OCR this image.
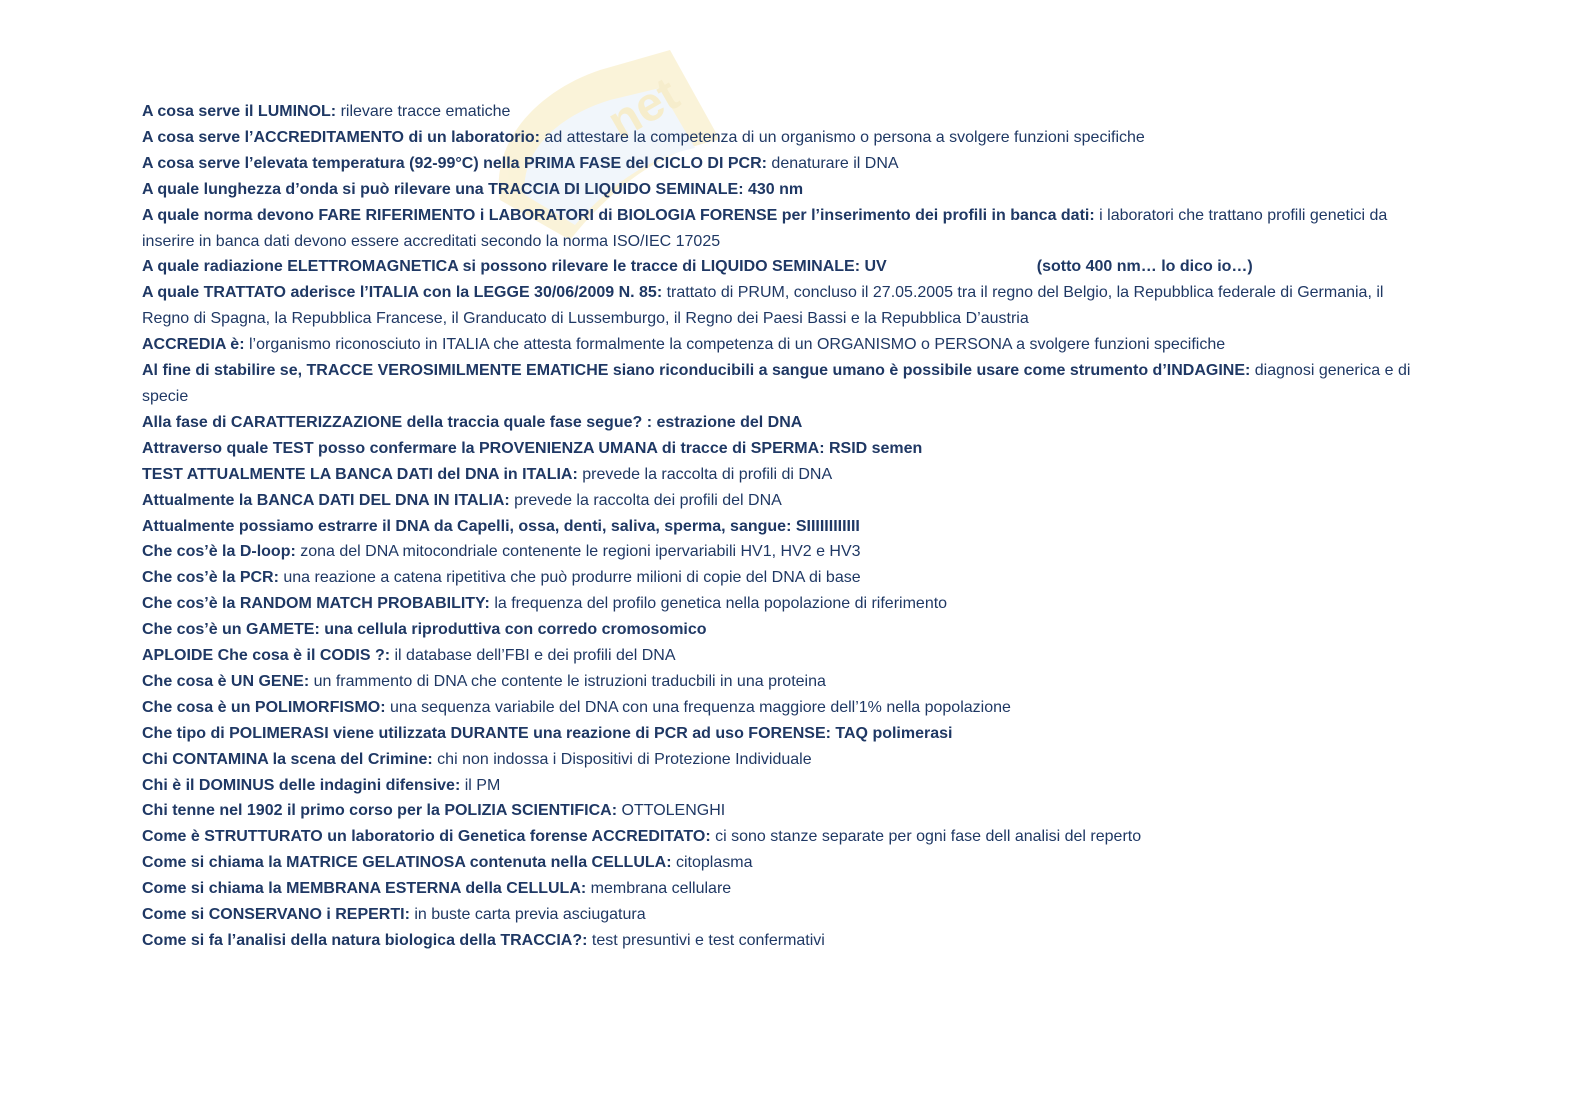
net

A cosa serve il LUMINOL: rilevare tracce ematiche

A cosa serve l’ACCREDITAMENTO di un laboratorio: ad attestare la competenza di un organismo o persona a svolgere funzioni specifiche

A cosa serve l’elevata temperatura (92-99°C) nella PRIMA FASE del CICLO DI PCR: denaturare il DNA

A quale lunghezza d’onda si può rilevare una TRACCIA DI LIQUIDO SEMINALE: 430 nm

A quale norma devono FARE RIFERIMENTO i LABORATORI di BIOLOGIA FORENSE per l’inserimento dei profili in banca dati: i laboratori che trattano profili genetici da inserire in banca dati devono essere accreditati secondo la norma ISO/IEC 17025

A quale radiazione ELETTROMAGNETICA si possono rilevare le tracce di LIQUIDO SEMINALE: UV	(sotto 400 nm… lo dico io…)

A quale TRATTATO aderisce l’ITALIA con la LEGGE 30/06/2009 N. 85: trattato di PRUM, concluso il 27.05.2005 tra il regno del Belgio, la Repubblica federale di Germania, il Regno di Spagna, la Repubblica Francese, il Granducato di Lussemburgo, il Regno dei Paesi Bassi e la Repubblica D’austria

ACCREDIA è: l’organismo riconosciuto in ITALIA che attesta formalmente la competenza di un ORGANISMO o PERSONA a svolgere funzioni specifiche

Al fine di stabilire se, TRACCE VEROSIMILMENTE EMATICHE siano riconducibili a sangue umano è possibile usare come strumento d’INDAGINE: diagnosi generica e di specie

Alla fase di CARATTERIZZAZIONE della traccia quale fase segue? : estrazione del DNA

Attraverso quale TEST posso confermare la PROVENIENZA UMANA di tracce di SPERMA: RSID semen

TEST ATTUALMENTE LA BANCA DATI del DNA in ITALIA: prevede la raccolta di profili di DNA

Attualmente la BANCA DATI DEL DNA IN ITALIA: prevede la raccolta dei profili del DNA

Attualmente possiamo estrarre il DNA da Capelli, ossa, denti, saliva, sperma, sangue: SIIIIIIIIIIII

Che cos’è la D-loop: zona del DNA mitocondriale contenente le regioni ipervariabili HV1, HV2 e HV3

Che cos’è la PCR: una reazione a catena ripetitiva che può produrre milioni di copie del DNA di base

Che cos’è la RANDOM MATCH PROBABILITY: la frequenza del profilo genetica nella popolazione di riferimento

Che cos’è un GAMETE: una cellula riproduttiva con corredo cromosomico

APLOIDE Che cosa è il CODIS ?: il database dell’FBI e dei profili del DNA

Che cosa è UN GENE: un frammento di DNA che contente le istruzioni traducbili in una proteina

Che cosa è un POLIMORFISMO: una sequenza variabile del DNA con una frequenza maggiore dell’1% nella popolazione

Che tipo di POLIMERASI viene utilizzata DURANTE una reazione di PCR ad uso FORENSE: TAQ polimerasi

Chi CONTAMINA la scena del Crimine: chi non indossa i Dispositivi di Protezione Individuale

Chi è il DOMINUS delle indagini difensive: il PM

Chi tenne nel 1902 il primo corso per la POLIZIA SCIENTIFICA: OTTOLENGHI

Come è STRUTTURATO un laboratorio di Genetica forense ACCREDITATO: ci sono stanze separate per ogni fase dell analisi del reperto

Come si chiama la MATRICE GELATINOSA contenuta nella CELLULA: citoplasma

Come si chiama la MEMBRANA ESTERNA della CELLULA: membrana cellulare

Come si CONSERVANO i REPERTI: in buste carta previa asciugatura

Come si fa l’analisi della natura biologica della TRACCIA?: test presuntivi e test confermativi
